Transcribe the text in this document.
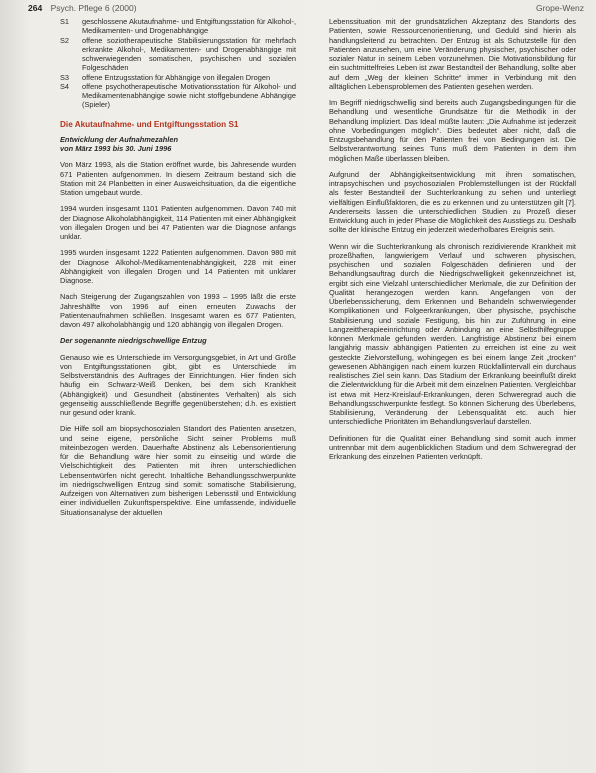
264 Psych. Pflege 6 (2000)	Grope-Wenz
S1 geschlossene Akutaufnahme- und Entgiftungsstation für Alkohol-, Medikamenten- und Drogenabhängige
S2 offene soziotherapeutische Stabilisierungsstation für mehrfach erkrankte Alkohol-, Medikamenten- und Drogenabhängige mit schwerwiegenden somatischen, psychischen und sozialen Folgeschäden
S3 offene Entzugsstation für Abhängige von illegalen Drogen
S4 offene psychotherapeutische Motivationsstation für Alkohol- und Medikamentenabhängige sowie nicht stoffgebundene Abhängige (Spieler)
Die Akutaufnahme- und Entgiftungsstation S1
Entwicklung der Aufnahmezahlen
von März 1993 bis 30. Juni 1996

Von März 1993, als die Station eröffnet wurde, bis Jahresende wurden 671 Patienten aufgenommen. In diesem Zeitraum bestand sich die Station mit 24 Planbetten in einer Ausweichsituation, da die eigentliche Station umgebaut wurde.

1994 wurden insgesamt 1101 Patienten aufgenommen. Davon 740 mit der Diagnose Alkoholabhängigkeit, 114 Patienten mit einer Abhängigkeit von illegalen Drogen und bei 47 Patienten war die Diagnose anfangs unklar.

1995 wurden insgesamt 1222 Patienten aufgenommen. Davon 980 mit der Diagnose Alkohol-/Medikamentenabhängigkeit, 228 mit einer Abhängigkeit von illegalen Drogen und 14 Patienten mit unklarer Diagnose.

Nach Steigerung der Zugangszahlen von 1993 – 1995 läßt die erste Jahreshälfte von 1996 auf einen erneuten Zuwachs der Patientenaufnahmen schließen. Insgesamt waren es 677 Patienten, davon 497 alkoholabhängig und 120 abhängig von illegalen Drogen.

Der sogenannte niedrigschwellige Entzug

Genauso wie es Unterschiede im Versorgungsgebiet, in Art und Größe von Entgiftungsstationen gibt, gibt es Unterschiede im Selbstverständnis des Auftrages der Einrichtungen. Hier finden sich häufig ein Schwarz-Weiß Denken, bei dem sich Krankheit (Abhängigkeit) und Gesundheit (abstinentes Verhalten) als sich gegenseitig ausschließende Begriffe gegenüberstehen; d.h. es existiert nur gesund oder krank.

Die Hilfe soll am biopsychosozialen Standort des Patienten ansetzen, und seine eigene, persönliche Sicht seiner Problems muß miteinbezogen werden. Dauerhafte Abstinenz als Lebensorientierung für die Behandlung wäre hier somit zu einseitig und würde die Vielschichtigkeit des Patienten mit ihren unterschiedlichen Lebensentwürfen nicht gerecht. Inhaltliche Behandlungsschwerpunkte im niedrigschwelligen Entzug sind somit: somatische Stabilisierung, Aufzeigen von Alternativen zum bisherigen Lebensstil und Entwicklung einer individuellen Zukunftsperspektive. Eine umfassende, individuelle Situationsanalyse der aktuellen

Lebenssituation mit der grundsätzlichen Akzeptanz des Standorts des Patienten, sowie Ressourcenorientierung, und Geduld sind hierin als handlungsleitend zu betrachten. Der Entzug ist als Schutzstelle für den Patienten anzusehen, um eine Veränderung physischer, psychischer oder sozialer Natur in seinem Leben vorzunehmen. Die Motivationsbildung für ein suchtmittelfreies Leben ist zwar Bestandteil der Behandlung, sollte aber auf dem „Weg der kleinen Schritte“ immer in Verbindung mit den alltäglichen Lebensproblemen des Patienten gesehen werden.

Im Begriff niedrigschwellig sind bereits auch Zugangsbedingungen für die Behandlung und wesentliche Grundsätze für die Methodik in der Behandlung impliziert. Das Ideal müßte lauten: „Die Aufnahme ist jederzeit ohne Vorbedingungen möglich“. Dies bedeutet aber nicht, daß die Entzugsbehandlung für den Patienten frei von Bedingungen ist. Die Selbstverantwortung seines Tuns muß dem Patienten in dem ihm möglichen Maße überlassen bleiben.

Aufgrund der Abhängigkeitsentwicklung mit ihren somatischen, intrapsychischen und psychosozialen Problemstellungen ist der Rückfall als fester Bestandteil der Suchterkrankung zu sehen und unterliegt vielfältigen Einflußfaktoren, die es zu erkennen und zu unterstützen gilt [7]. Andererseits lassen die unterschiedlichen Studien zu Prozeß dieser Entwicklung auch in jeder Phase die Möglichkeit des Ausstiegs zu. Deshalb sollte der klinische Entzug ein jederzeit wiederholbares Ereignis sein.

Wenn wir die Suchterkrankung als chronisch rezidivierende Krankheit mit prozeßhaften, langwierigem Verlauf und schweren physischen, psychischen und sozialen Folgeschäden definieren und der Behandlungsauftrag durch die Niedrigschwelligkeit gekennzeichnet ist, ergibt sich eine Vielzahl unterschiedlicher Merkmale, die zur Definition der Qualität herangezogen werden kann. Angefangen von der Überlebenssicherung, dem Erkennen und Behandeln schwerwiegender Komplikationen und Folgeerkrankungen, über physische, psychische Stabilisierung und soziale Festigung, bis hin zur Zuführung in eine Langzeittherapieeinrichtung oder Anbindung an eine Selbsthilfegruppe können Merkmale gefunden werden. Langfristige Abstinenz bei einem langjährig massiv abhängigen Patienten zu erreichen ist eine zu weit gesteckte Zielvorstellung, wohingegen es bei einem lange Zeit „trocken“ gewesenen Abhängigen nach einem kurzen Rückfallintervall ein durchaus realistisches Ziel sein kann. Das Stadium der Erkrankung beeinflußt direkt die Zielentwicklung für die Arbeit mit dem einzelnen Patienten. Vergleichbar ist etwa mit Herz-Kreislauf-Erkrankungen, deren Schweregrad auch die Behandlungsschwerpunkte festlegt. So können Sicherung des Überlebens, Stabilisierung, Veränderung der Lebensqualität etc. auch hier unterschiedliche Prioritäten im Behandlungsverlauf darstellen.

Definitionen für die Qualität einer Behandlung sind somit auch immer untrennbar mit dem augenblicklichen Stadium und dem Schweregrad der Erkrankung des einzelnen Patienten verknüpft.
